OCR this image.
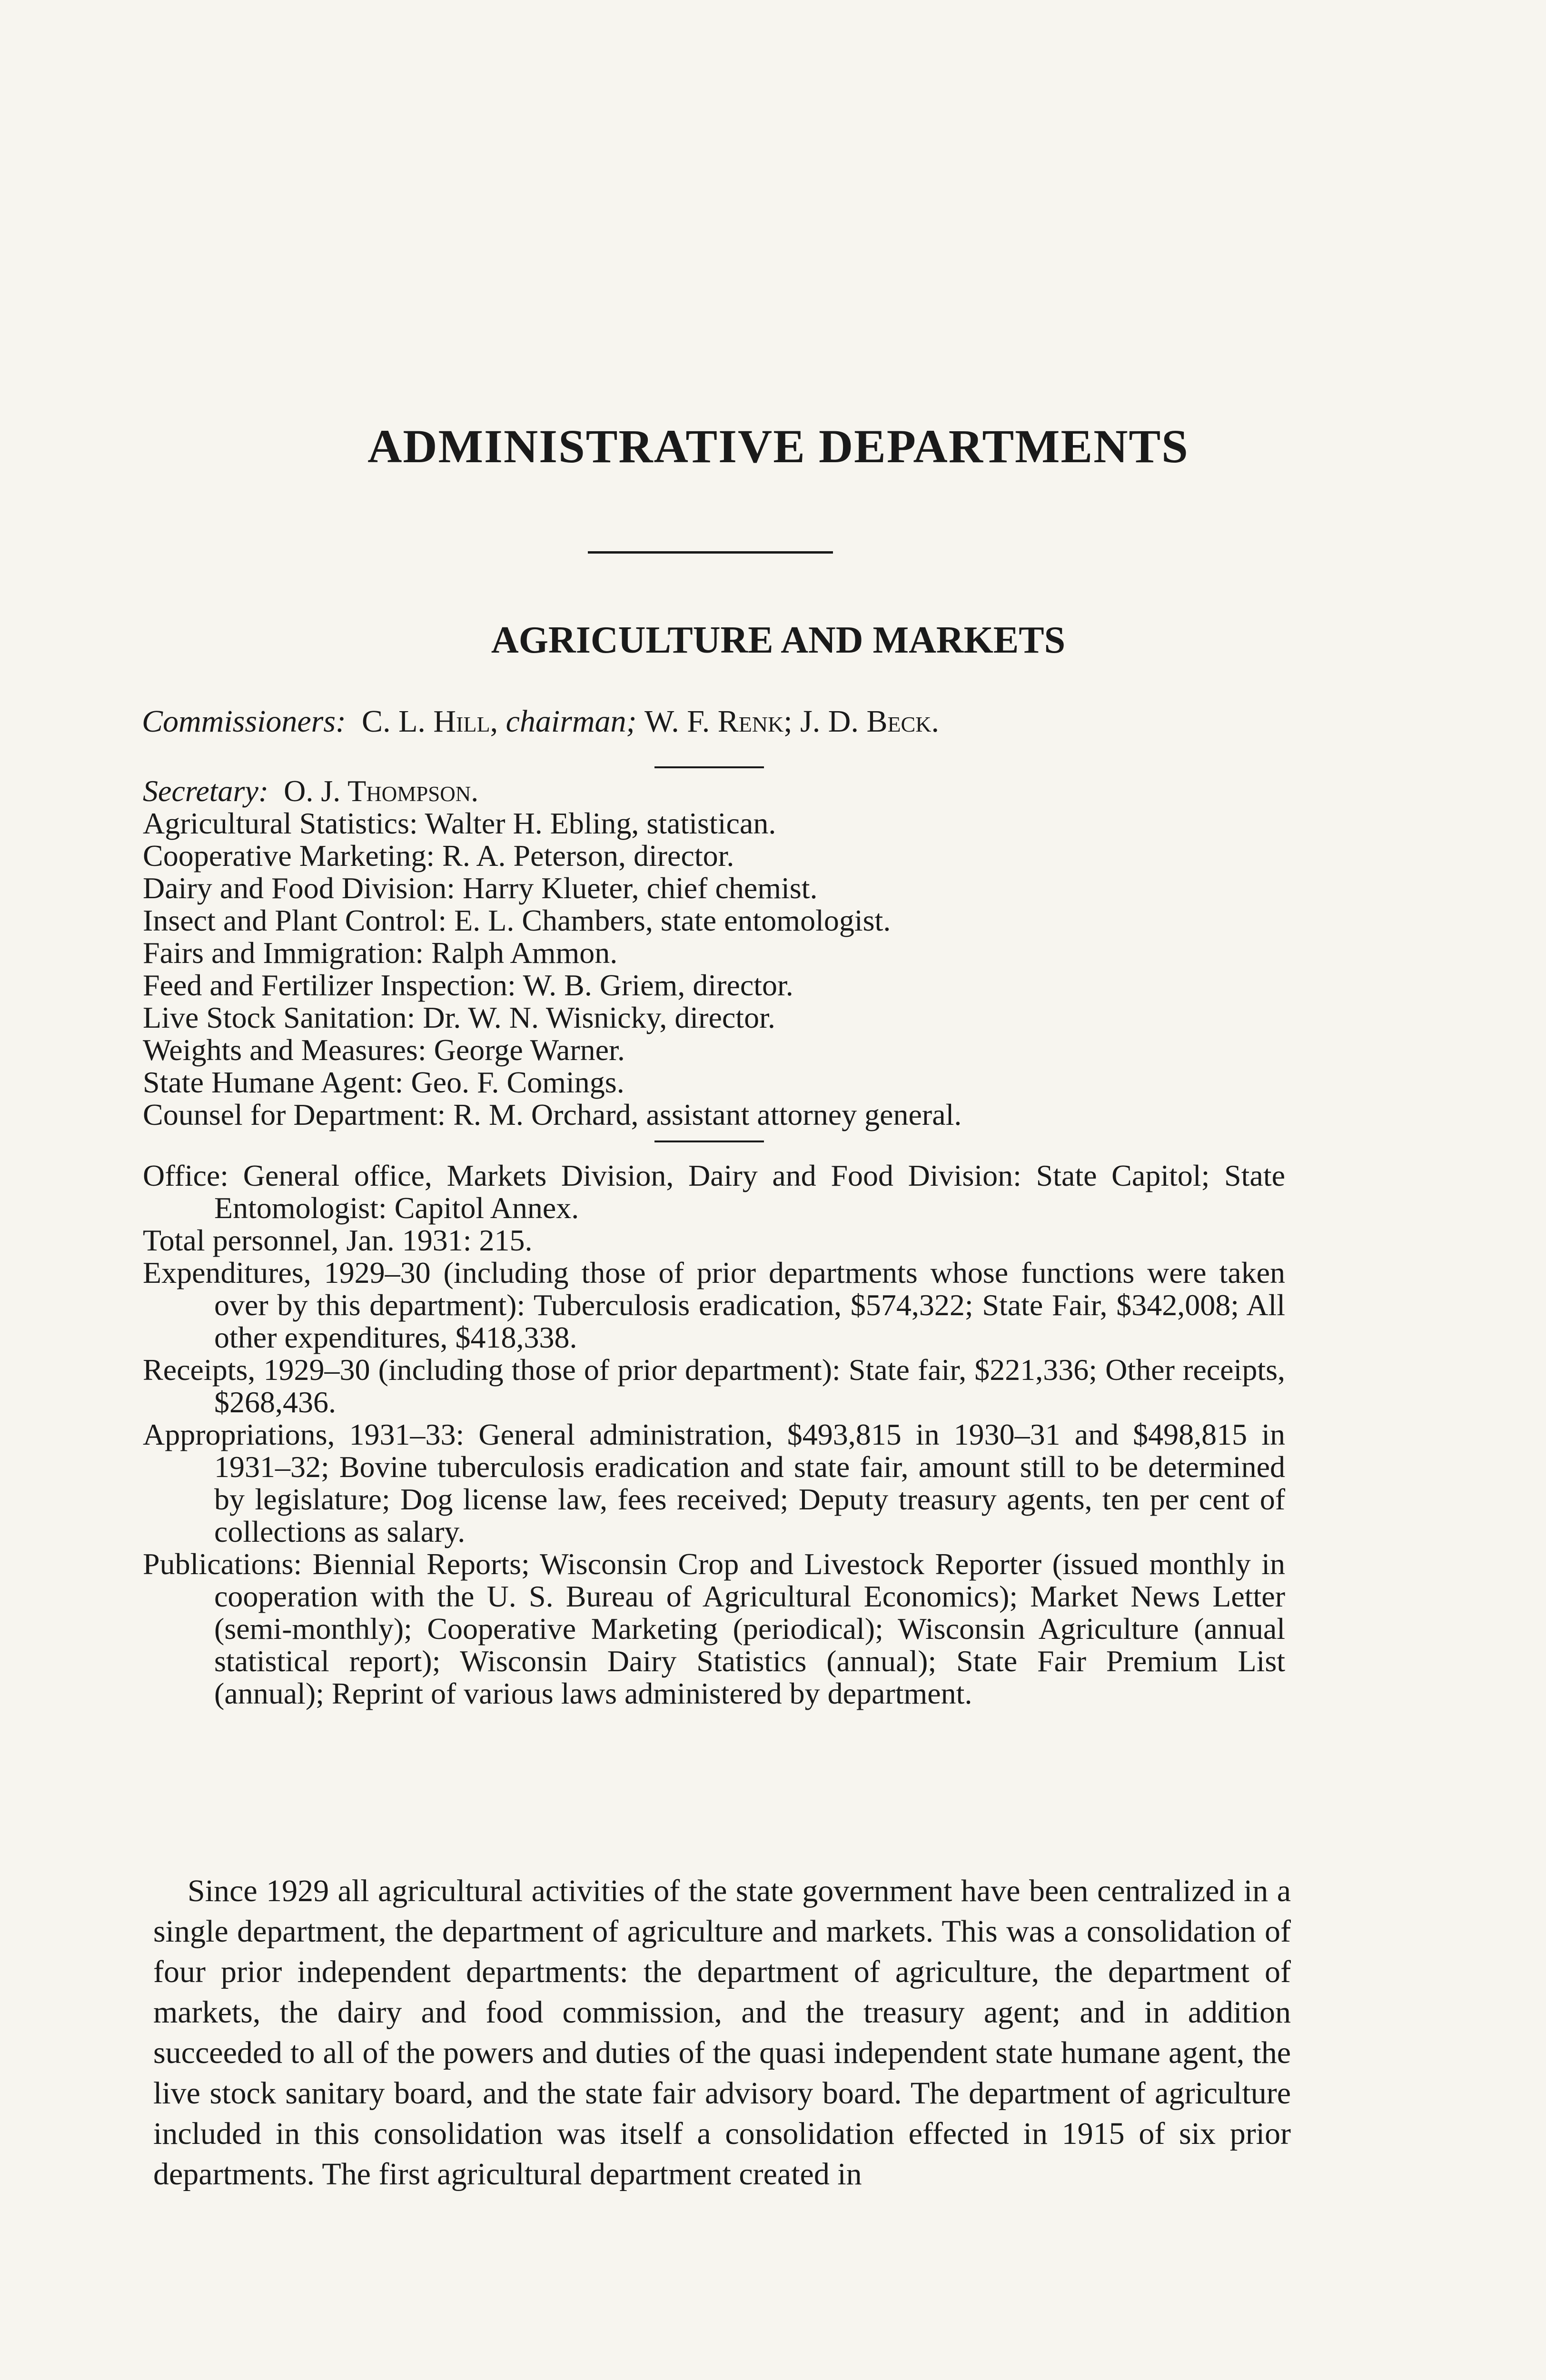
ADMINISTRATIVE DEPARTMENTS
AGRICULTURE AND MARKETS
Commissioners: C. L. Hill, chairman; W. F. Renk; J. D. Beck.
Secretary: O. J. Thompson.
Agricultural Statistics: Walter H. Ebling, statistican.
Cooperative Marketing: R. A. Peterson, director.
Dairy and Food Division: Harry Klueter, chief chemist.
Insect and Plant Control: E. L. Chambers, state entomologist.
Fairs and Immigration: Ralph Ammon.
Feed and Fertilizer Inspection: W. B. Griem, director.
Live Stock Sanitation: Dr. W. N. Wisnicky, director.
Weights and Measures: George Warner.
State Humane Agent: Geo. F. Comings.
Counsel for Department: R. M. Orchard, assistant attorney general.
Office: General office, Markets Division, Dairy and Food Division: State Capitol; State Entomologist: Capitol Annex.
Total personnel, Jan. 1931: 215.
Expenditures, 1929–30 (including those of prior departments whose functions were taken over by this department): Tuberculosis eradication, $574,322; State Fair, $342,008; All other expenditures, $418,338.
Receipts, 1929–30 (including those of prior department): State fair, $221,336; Other receipts, $268,436.
Appropriations, 1931–33: General administration, $493,815 in 1930–31 and $498,815 in 1931–32; Bovine tuberculosis eradication and state fair, amount still to be determined by legislature; Dog license law, fees received; Deputy treasury agents, ten per cent of collections as salary.
Publications: Biennial Reports; Wisconsin Crop and Livestock Reporter (issued monthly in cooperation with the U. S. Bureau of Agricultural Economics); Market News Letter (semi-monthly); Cooperative Marketing (periodical); Wisconsin Agriculture (annual statistical report); Wisconsin Dairy Statistics (annual); State Fair Premium List (annual); Reprint of various laws administered by department.

Since 1929 all agricultural activities of the state government have been centralized in a single department, the department of agriculture and markets. This was a consolidation of four prior independent departments: the department of agriculture, the department of markets, the dairy and food commission, and the treasury agent; and in addition succeeded to all of the powers and duties of the quasi independent state humane agent, the live stock sanitary board, and the state fair advisory board. The department of agriculture included in this consolidation was itself a consolidation effected in 1915 of six prior departments. The first agricultural department created in
